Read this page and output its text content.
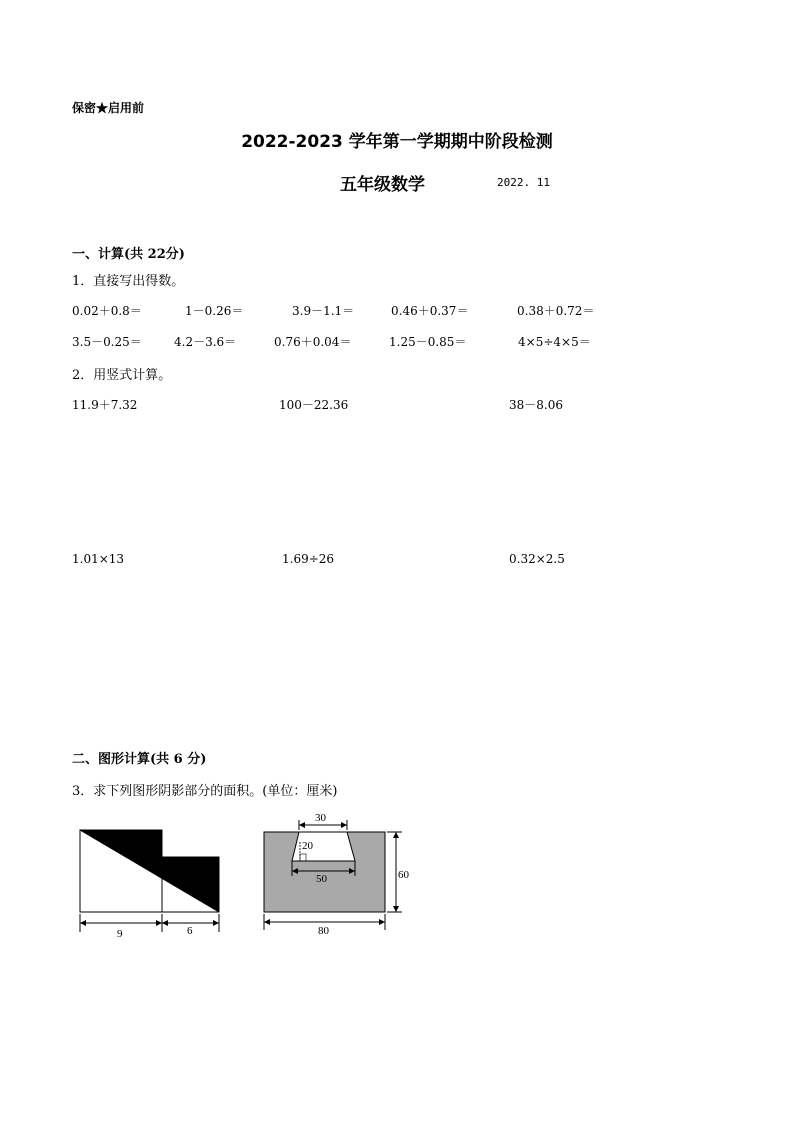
保密★启用前
2022-2023 学年第一学期期中阶段检测
五年级数学	2022. 11
一、计算(共 22分)
1．直接写出得数。
0.02＋0.8＝	1－0.26＝	3.9－1.1＝	0.46＋0.37＝	0.38＋0.72＝
3.5－0.25＝	4.2－3.6＝	0.76＋0.04＝	1.25－0.85＝	4×5÷4×5＝
2．用竖式计算。
11.9＋7.32	100－22.36	38－8.06
1.01×13	1.69÷26	0.32×2.5
二、图形计算(共 6 分)
3．求下列图形阴影部分的面积。(单位：厘米)
9	6
20
30
50	60
80
